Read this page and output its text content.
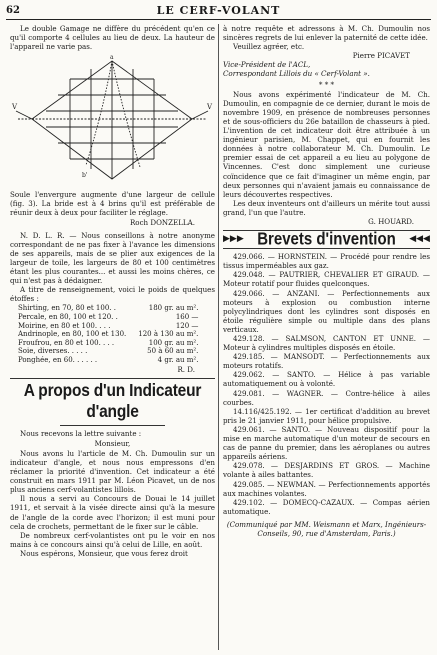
62	LE CERF-VOLANT

Le double Gamage ne diffère du précédent qu'en ce qu'il comporte 4 cellules au lieu de deux. La hauteur de l'appareil ne varie pas.

a
V	V
b'

Soule l'envergure augmente d'une largeur de cellule (fig. 3). La bride est à 4 brins qu'il est préférable de réunir deux à deux pour faciliter le réglage.

Roch DONZELLA.

N. D. L. R. — Nous conseillons à notre anonyme correspondant de ne pas fixer à l'avance les dimensions de ses appareils, mais de se plier aux exigences de la largeur de toile, les largeurs de 80 et 100 centimètres étant les plus courantes... et aussi les moins chères, ce qui n'est pas à dédaigner.

A titre de renseignement, voici le poids de quelques étoffes :

Shirting, en 70, 80 et 100. .	180 gr. au m².
Percale, en 80, 100 et 120. .	160 —
Moirine, en 80 et 100. . . .	120 —
Andrinople, en 80, 100 et 130.	120 à 130 au m².
Froufrou, en 80 et 100. . . .	100 gr. au m².
Soie, diverses. . . . .	50 à 60 au m².
Ponghée, en 60. . . . . .	4 gr. au m².

R. D.

A propos d'un Indicateur d'angle

Nous recevons la lettre suivante :

Monsieur,

Nous avons lu l'article de M. Ch. Dumoulin sur un indicateur d'angle, et nous nous empressons d'en réclamer la priorité d'invention. Cet indicateur a été construit en mars 1911 par M. Léon Picavet, un de nos plus anciens cerf-volantistes lillois.

Il nous a servi au Concours de Douai le 14 juillet 1911, et servait à la visée directe ainsi qu'à la mesure de l'angle de la corde avec l'horizon; il est muni pour cela de crochets, permettant de le fixer sur le câble.

De nombreux cerf-volantistes ont pu le voir en nos mains à ce concours ainsi qu'à celui de Lille, en août.

Nous espérons, Monsieur, que vous ferez droit

à notre requête et adressons à M. Ch. Dumoulin nos sincères regrets de lui enlever la paternité de cette idée.

Veuillez agréer, etc.

Pierre PICAVET

Vice-Président de l'ACL,

Correspondant Lillois du « Cerf-Volant ».

* * *

Nous avons expérimenté l'indicateur de M. Ch. Dumoulin, en compagnie de ce dernier, durant le mois de novembre 1909, en présence de nombreuses personnes et de sous-officiers du 26e bataillon de chasseurs à pied. L'invention de cet indicateur doit être attribuée à un ingénieur parisien, M. Chappet, qui en fournit les données à notre collaborateur M. Ch. Dumoulin. Le premier essai de cet appareil a eu lieu au polygone de Vincennes. C'est donc simplement une curieuse coïncidence que ce fait d'imaginer un même engin, par deux personnes qui n'avaient jamais eu connaissance de leurs découvertes respectives.

Les deux inventeurs ont d'ailleurs un mérite tout aussi grand, l'un que l'autre.

G. HOUARD.

▶▶▶ Brevets d'invention ◀◀◀

429.066. — HORNSTEIN. — Procédé pour rendre les tissus imperméables aux gaz.

429.048. — PAUTRIER, CHEVALIER ET GIRAUD. — Moteur rotatif pour fluides quelconques.

429.066. — ANZANI. — Perfectionnements aux moteurs à explosion ou combustion interne polycylindriques dont les cylindres sont disposés en étoile régulière simple ou multiple dans des plans verticaux.

429.128. — SALMSON, CANTON ET UNNE. — Moteur à cylindres multiples disposés en étoile.

429.185. — MANSODT. — Perfectionnements aux moteurs rotatifs.

429.062. — SANTO. — Hélice à pas variable automatiquement ou à volonté.

429.081. — WAGNER. — Contre-hélice à ailes courbes.

14.116/425.192. — 1er certificat d'addition au brevet pris le 21 janvier 1911, pour hélice propulsive.

429.061. — SANTO. — Nouveau dispositif pour la mise en marche automatique d'un moteur de secours en cas de panne du premier, dans les aéroplanes ou autres appareils aériens.

429.078. — DESJARDINS ET GROS. — Machine volante à ailes battantes.

429.085. — NEWMAN. — Perfectionnements apportés aux machines volantes.

429.102. — DOMECQ-CAZAUX. — Compas aérien automatique.

(Communiqué par MM. Weismann et Marx, Ingénieurs-Conseils, 90, rue d'Amsterdam, Paris.)
